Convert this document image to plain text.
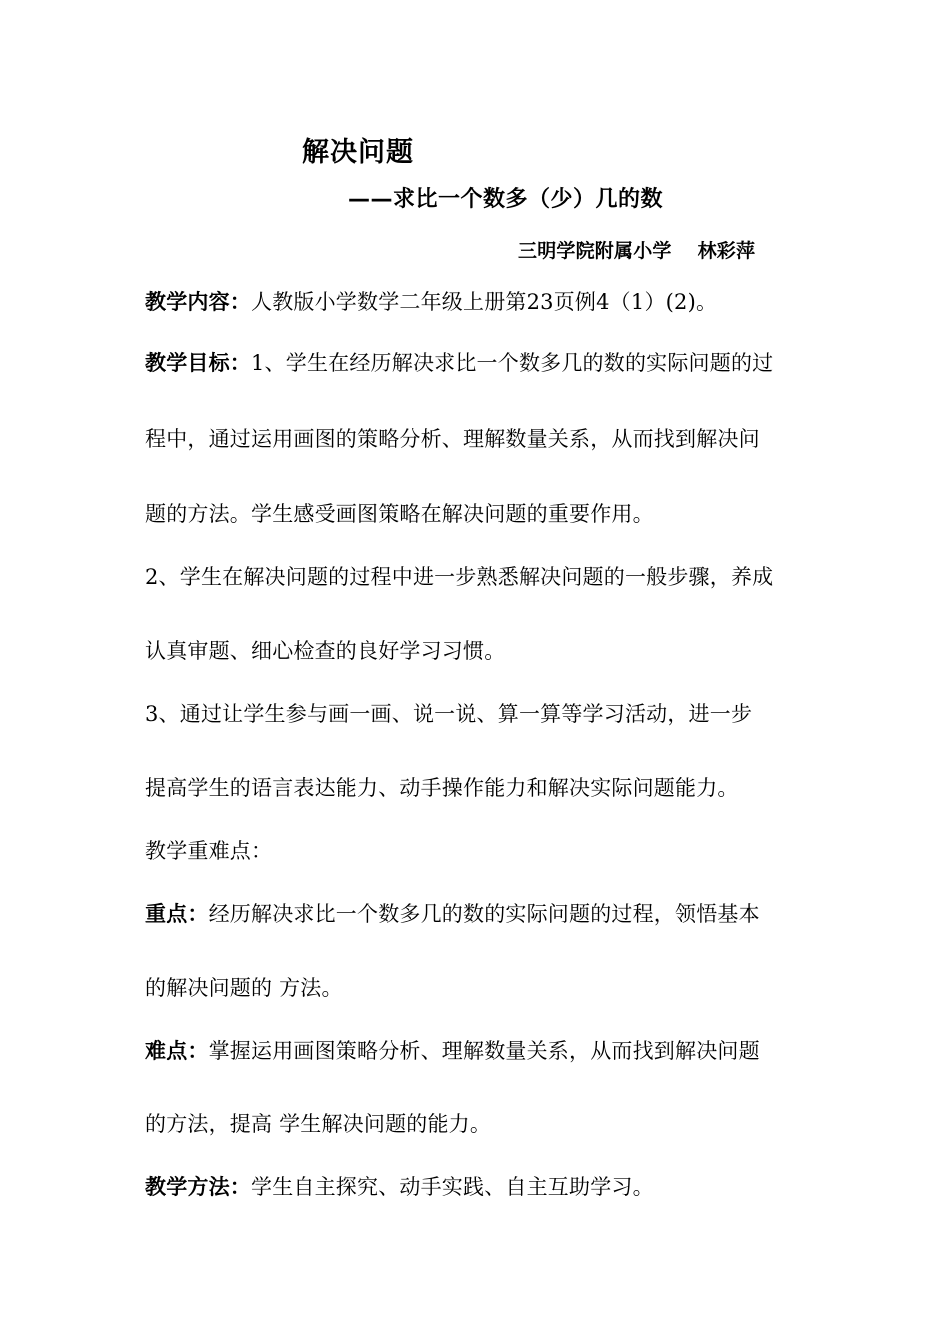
解决问题
——求比一个数多（少）几的数
三明学院附属小学 林彩萍
教学内容：人教版小学数学二年级上册第23页例4（1）(2)。
教学目标：1、学生在经历解决求比一个数多几的数的实际问题的过
程中，通过运用画图的策略分析、理解数量关系，从而找到解决问
题的方法。学生感受画图策略在解决问题的重要作用。
2、学生在解决问题的过程中进一步熟悉解决问题的一般步骤，养成
认真审题、细心检查的良好学习习惯。
3、通过让学生参与画一画、说一说、算一算等学习活动，进一步
提高学生的语言表达能力、动手操作能力和解决实际问题能力。
教学重难点：
重点：经历解决求比一个数多几的数的实际问题的过程，领悟基本
的解决问题的 方法。
难点：掌握运用画图策略分析、理解数量关系，从而找到解决问题
的方法，提高 学生解决问题的能力。
教学方法：学生自主探究、动手实践、自主互助学习。
